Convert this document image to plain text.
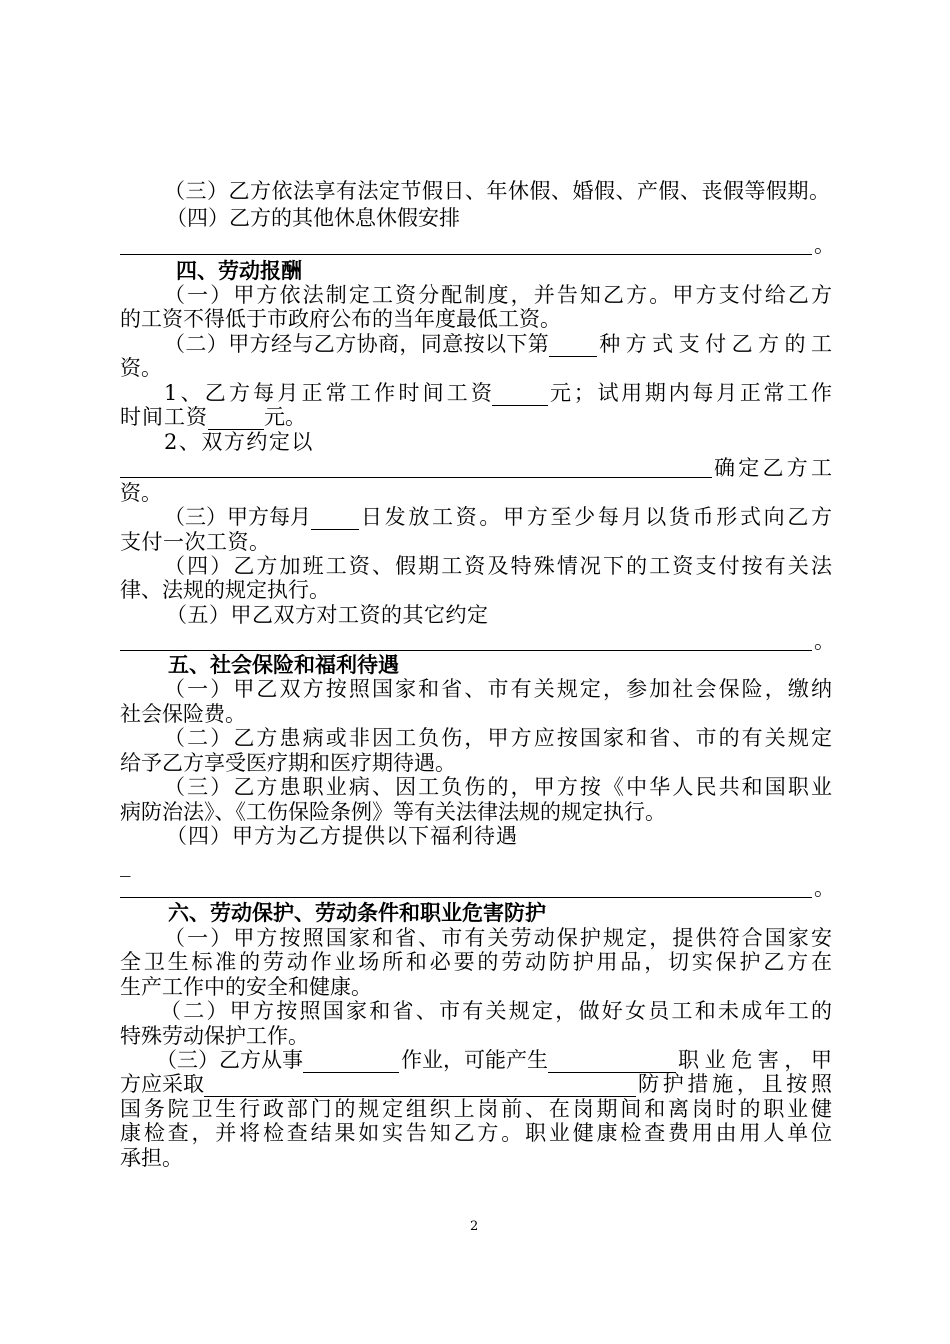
（三）乙方依法享有法定节假日、年休假、婚假、产假、丧假等假期。
（四）乙方的其他休息休假安排
。
四、劳动报酬
（一）甲方依法制定工资分配制度，并告知乙方。甲方支付给乙方
的工资不得低于市政府公布的当年度最低工资。
（二）甲方经与乙方协商，同意按以下第 种方式支付乙方的工
资。
1、乙方每月正常工作时间工资	元；试用期内每月正常工作
时间工资	元。
2、双方约定以
确定乙方工
资。
（三）甲方每月 日发放工资。甲方至少每月以货币形式向乙方
支付一次工资。
（四）乙方加班工资、假期工资及特殊情况下的工资支付按有关法
律、法规的规定执行。
（五）甲乙双方对工资的其它约定
。
五、社会保险和福利待遇
（一）甲乙双方按照国家和省、市有关规定，参加社会保险，缴纳
社会保险费。
（二）乙方患病或非因工负伤，甲方应按国家和省、市的有关规定
给予乙方享受医疗期和医疗期待遇。
（三）乙方患职业病、因工负伤的，甲方按《中华人民共和国职业
病防治法》、《工伤保险条例》等有关法律法规的规定执行。
（四）甲方为乙方提供以下福利待遇
_
。
六、劳动保护、劳动条件和职业危害防护
（一）甲方按照国家和省、市有关劳动保护规定，提供符合国家安
全卫生标准的劳动作业场所和必要的劳动防护用品，切实保护乙方在
生产工作中的安全和健康。
（二）甲方按照国家和省、市有关规定，做好女员工和未成年工的
特殊劳动保护工作。
（三）乙方从事	作业，可能产生	职业危害，甲
方应采取	防护措施，且按照
国务院卫生行政部门的规定组织上岗前、在岗期间和离岗时的职业健
康检查，并将检查结果如实告知乙方。职业健康检查费用由用人单位
承担。
2
